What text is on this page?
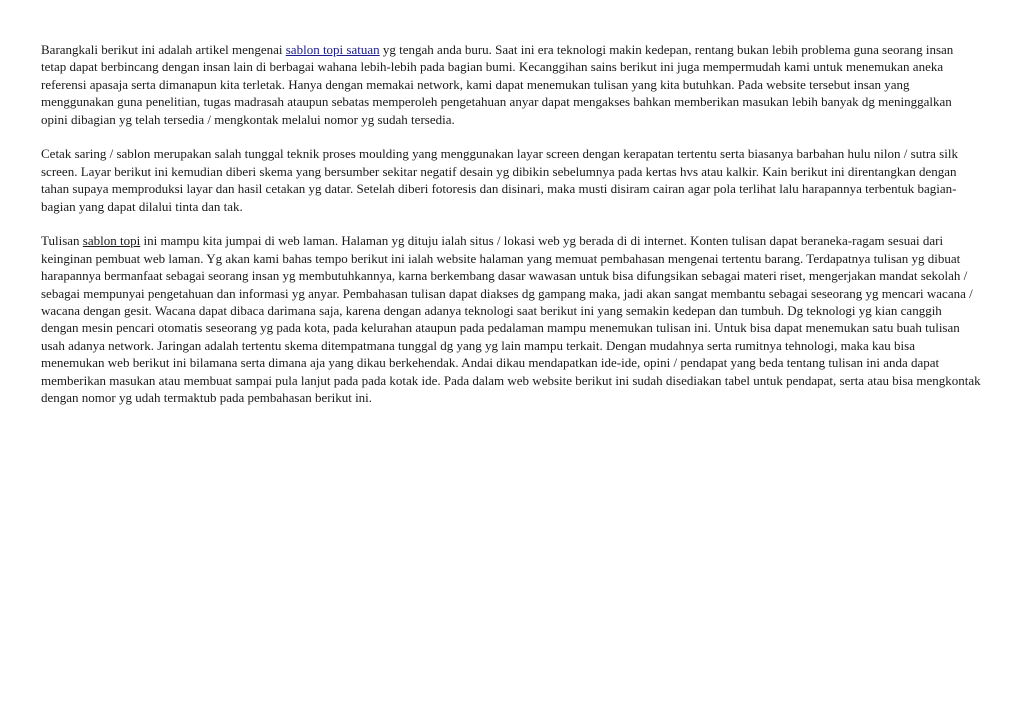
Barangkali berikut ini adalah artikel mengenai sablon topi satuan yg tengah anda buru. Saat ini era teknologi makin kedepan, rentang bukan lebih problema guna seorang insan tetap dapat berbincang dengan insan lain di berbagai wahana lebih-lebih pada bagian bumi. Kecanggihan sains berikut ini juga mempermudah kami untuk menemukan aneka referensi apasaja serta dimanapun kita terletak. Hanya dengan memakai network, kami dapat menemukan tulisan yang kita butuhkan. Pada website tersebut insan yang menggunakan guna penelitian, tugas madrasah ataupun sebatas memperoleh pengetahuan anyar dapat mengakses bahkan memberikan masukan lebih banyak dg meninggalkan opini dibagian yg telah tersedia / mengkontak melalui nomor yg sudah tersedia.

Cetak saring / sablon merupakan salah tunggal teknik proses moulding yang menggunakan layar screen dengan kerapatan tertentu serta biasanya barbahan hulu nilon / sutra silk screen. Layar berikut ini kemudian diberi skema yang bersumber sekitar negatif desain yg dibikin sebelumnya pada kertas hvs atau kalkir. Kain berikut ini direntangkan dengan tahan supaya memproduksi layar dan hasil cetakan yg datar. Setelah diberi fotoresis dan disinari, maka musti disiram cairan agar pola terlihat lalu harapannya terbentuk bagian-bagian yang dapat dilalui tinta dan tak.

Tulisan sablon topi ini mampu kita jumpai di web laman. Halaman yg dituju ialah situs / lokasi web yg berada di di internet. Konten tulisan dapat beraneka-ragam sesuai dari keinginan pembuat web laman. Yg akan kami bahas tempo berikut ini ialah website halaman yang memuat pembahasan mengenai tertentu barang. Terdapatnya tulisan yg dibuat harapannya bermanfaat sebagai seorang insan yg membutuhkannya, karna berkembang dasar wawasan untuk bisa difungsikan sebagai materi riset, mengerjakan mandat sekolah / sebagai mempunyai pengetahuan dan informasi yg anyar. Pembahasan tulisan dapat diakses dg gampang maka, jadi akan sangat membantu sebagai seseorang yg mencari wacana / wacana dengan gesit. Wacana dapat dibaca darimana saja, karena dengan adanya teknologi saat berikut ini yang semakin kedepan dan tumbuh. Dg teknologi yg kian canggih dengan mesin pencari otomatis seseorang yg pada kota, pada kelurahan ataupun pada pedalaman mampu menemukan tulisan ini. Untuk bisa dapat menemukan satu buah tulisan usah adanya network. Jaringan adalah tertentu skema ditempatmana tunggal dg yang yg lain mampu terkait. Dengan mudahnya serta rumitnya tehnologi, maka kau bisa menemukan web berikut ini bilamana serta dimana aja yang dikau berkehendak. Andai dikau mendapatkan ide-ide, opini / pendapat yang beda tentang tulisan ini anda dapat memberikan masukan atau membuat sampai pula lanjut pada pada kotak ide. Pada dalam web website berikut ini sudah disediakan tabel untuk pendapat, serta atau bisa mengkontak dengan nomor yg udah termaktub pada pembahasan berikut ini.
